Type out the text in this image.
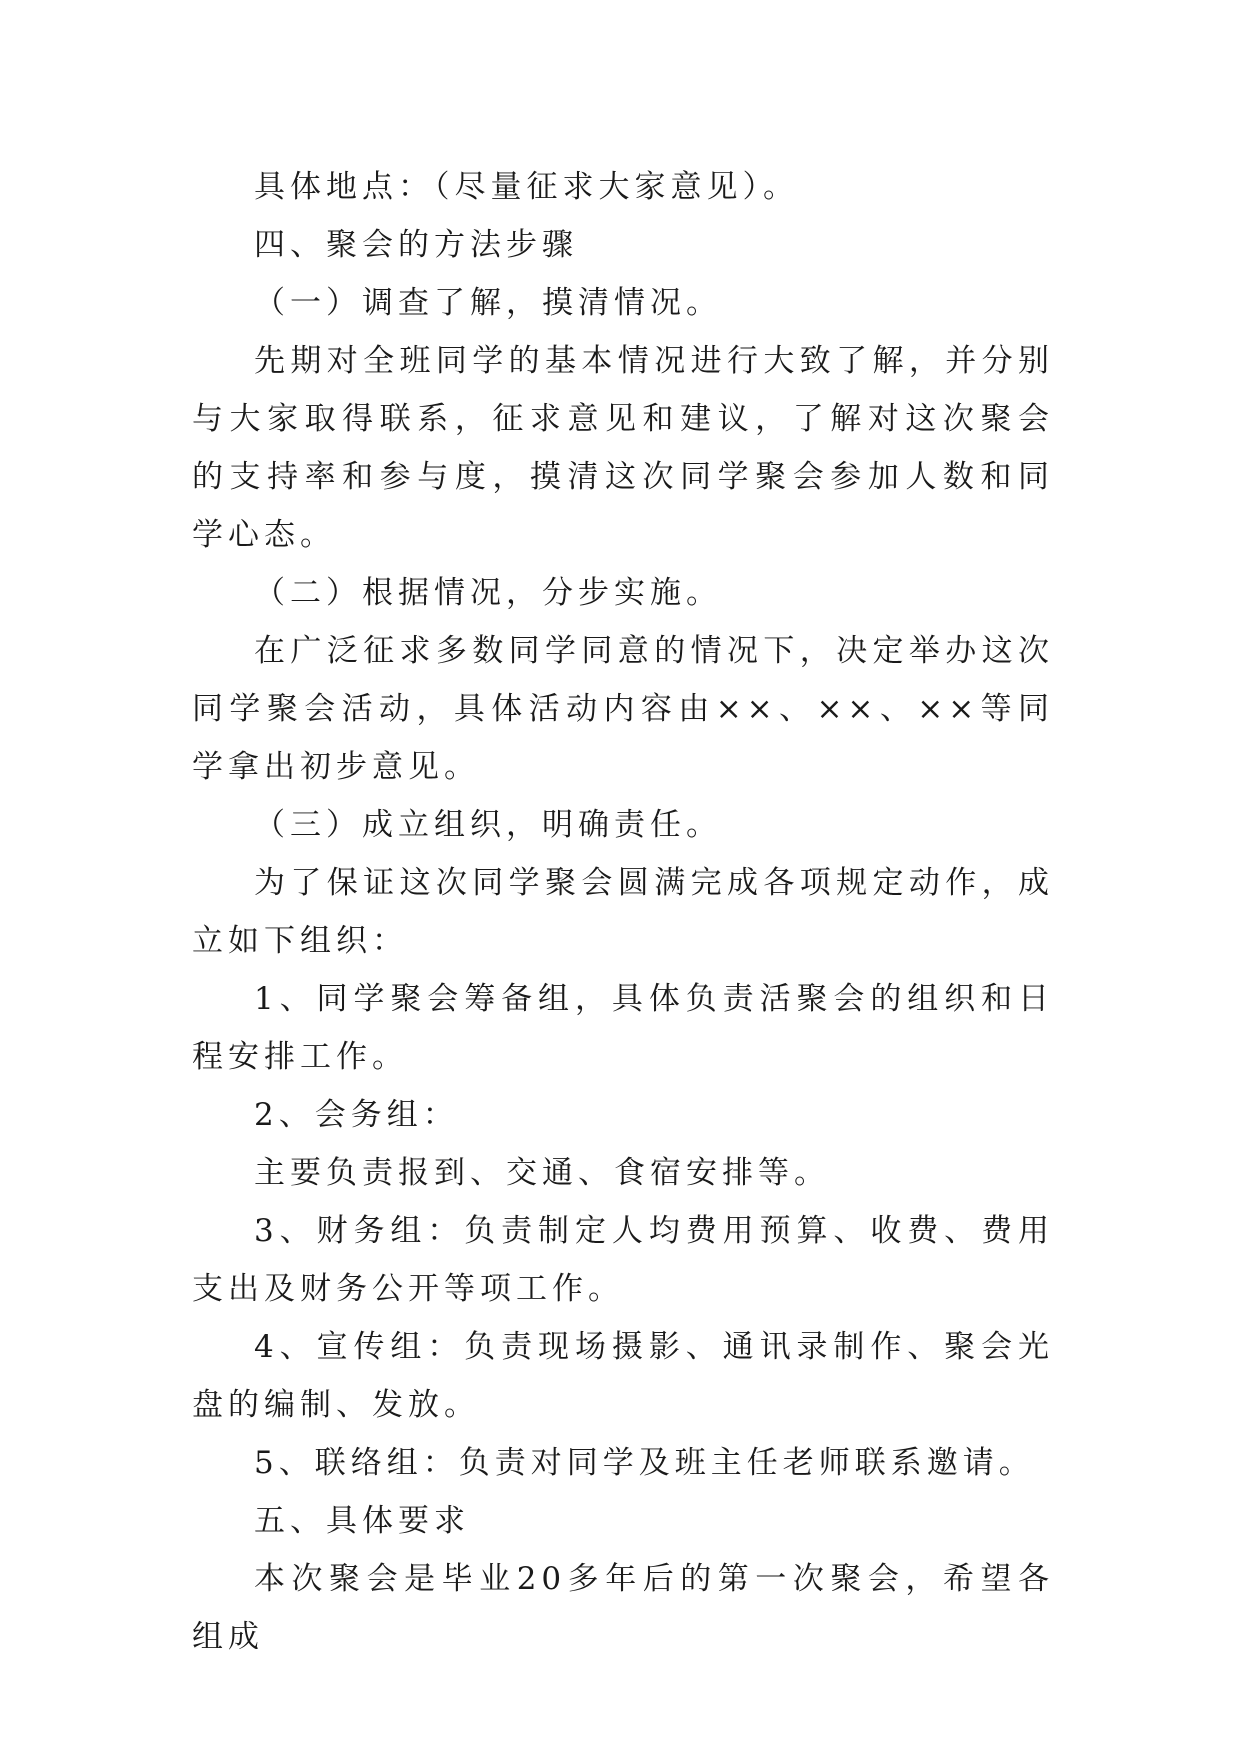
具体地点：（尽量征求大家意见）。

四、聚会的方法步骤

（一）调查了解，摸清情况。

先期对全班同学的基本情况进行大致了解，并分别与大家取得联系，征求意见和建议，了解对这次聚会的支持率和参与度，摸清这次同学聚会参加人数和同学心态。

（二）根据情况，分步实施。

在广泛征求多数同学同意的情况下，决定举办这次同学聚会活动，具体活动内容由××、××、××等同学拿出初步意见。

（三）成立组织，明确责任。

为了保证这次同学聚会圆满完成各项规定动作，成立如下组织：

1、同学聚会筹备组，具体负责活聚会的组织和日程安排工作。

2、会务组：

主要负责报到、交通、食宿安排等。

3、财务组：负责制定人均费用预算、收费、费用支出及财务公开等项工作。

4、宣传组：负责现场摄影、通讯录制作、聚会光盘的编制、发放。

5、联络组：负责对同学及班主任老师联系邀请。

五、具体要求

本次聚会是毕业20多年后的第一次聚会，希望各组成
